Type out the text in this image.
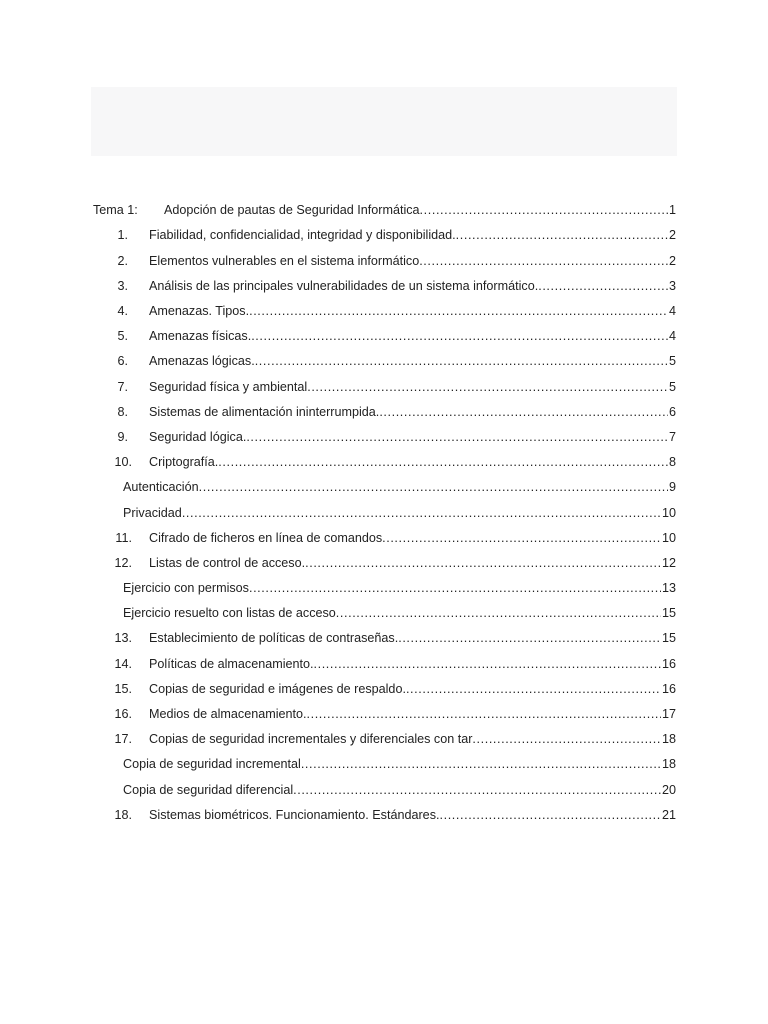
Tema 1:	Adopción de pautas de Seguridad Informática .....	1
1.	Fiabilidad, confidencialidad, integridad y disponibilidad. .....	2
2.	Elementos vulnerables en el sistema informático .....	2
3.	Análisis de las principales vulnerabilidades de un sistema informático. .....	3
4.	Amenazas. Tipos. .....	4
5.	Amenazas físicas. .....	4
6.	Amenazas lógicas. .....	5
7.	Seguridad física y ambiental .....	5
8.	Sistemas de alimentación ininterrumpida. .....	6
9.	Seguridad lógica. .....	7
10.	Criptografía. .....	8
Autenticación .....	9
Privacidad .....	10
11.	Cifrado de ficheros en línea de comandos .....	10
12.	Listas de control de acceso. .....	12
Ejercicio con permisos .....	13
Ejercicio resuelto con listas de acceso .....	15
13.	Establecimiento de políticas de contraseñas. .....	15
14.	Políticas de almacenamiento. .....	16
15.	Copias de seguridad e imágenes de respaldo. .....	16
16.	Medios de almacenamiento. .....	17
17.	Copias de seguridad incrementales y diferenciales con tar .....	18
Copia de seguridad incremental .....	18
Copia de seguridad diferencial .....	20
18.	Sistemas biométricos. Funcionamiento. Estándares. .....	21
